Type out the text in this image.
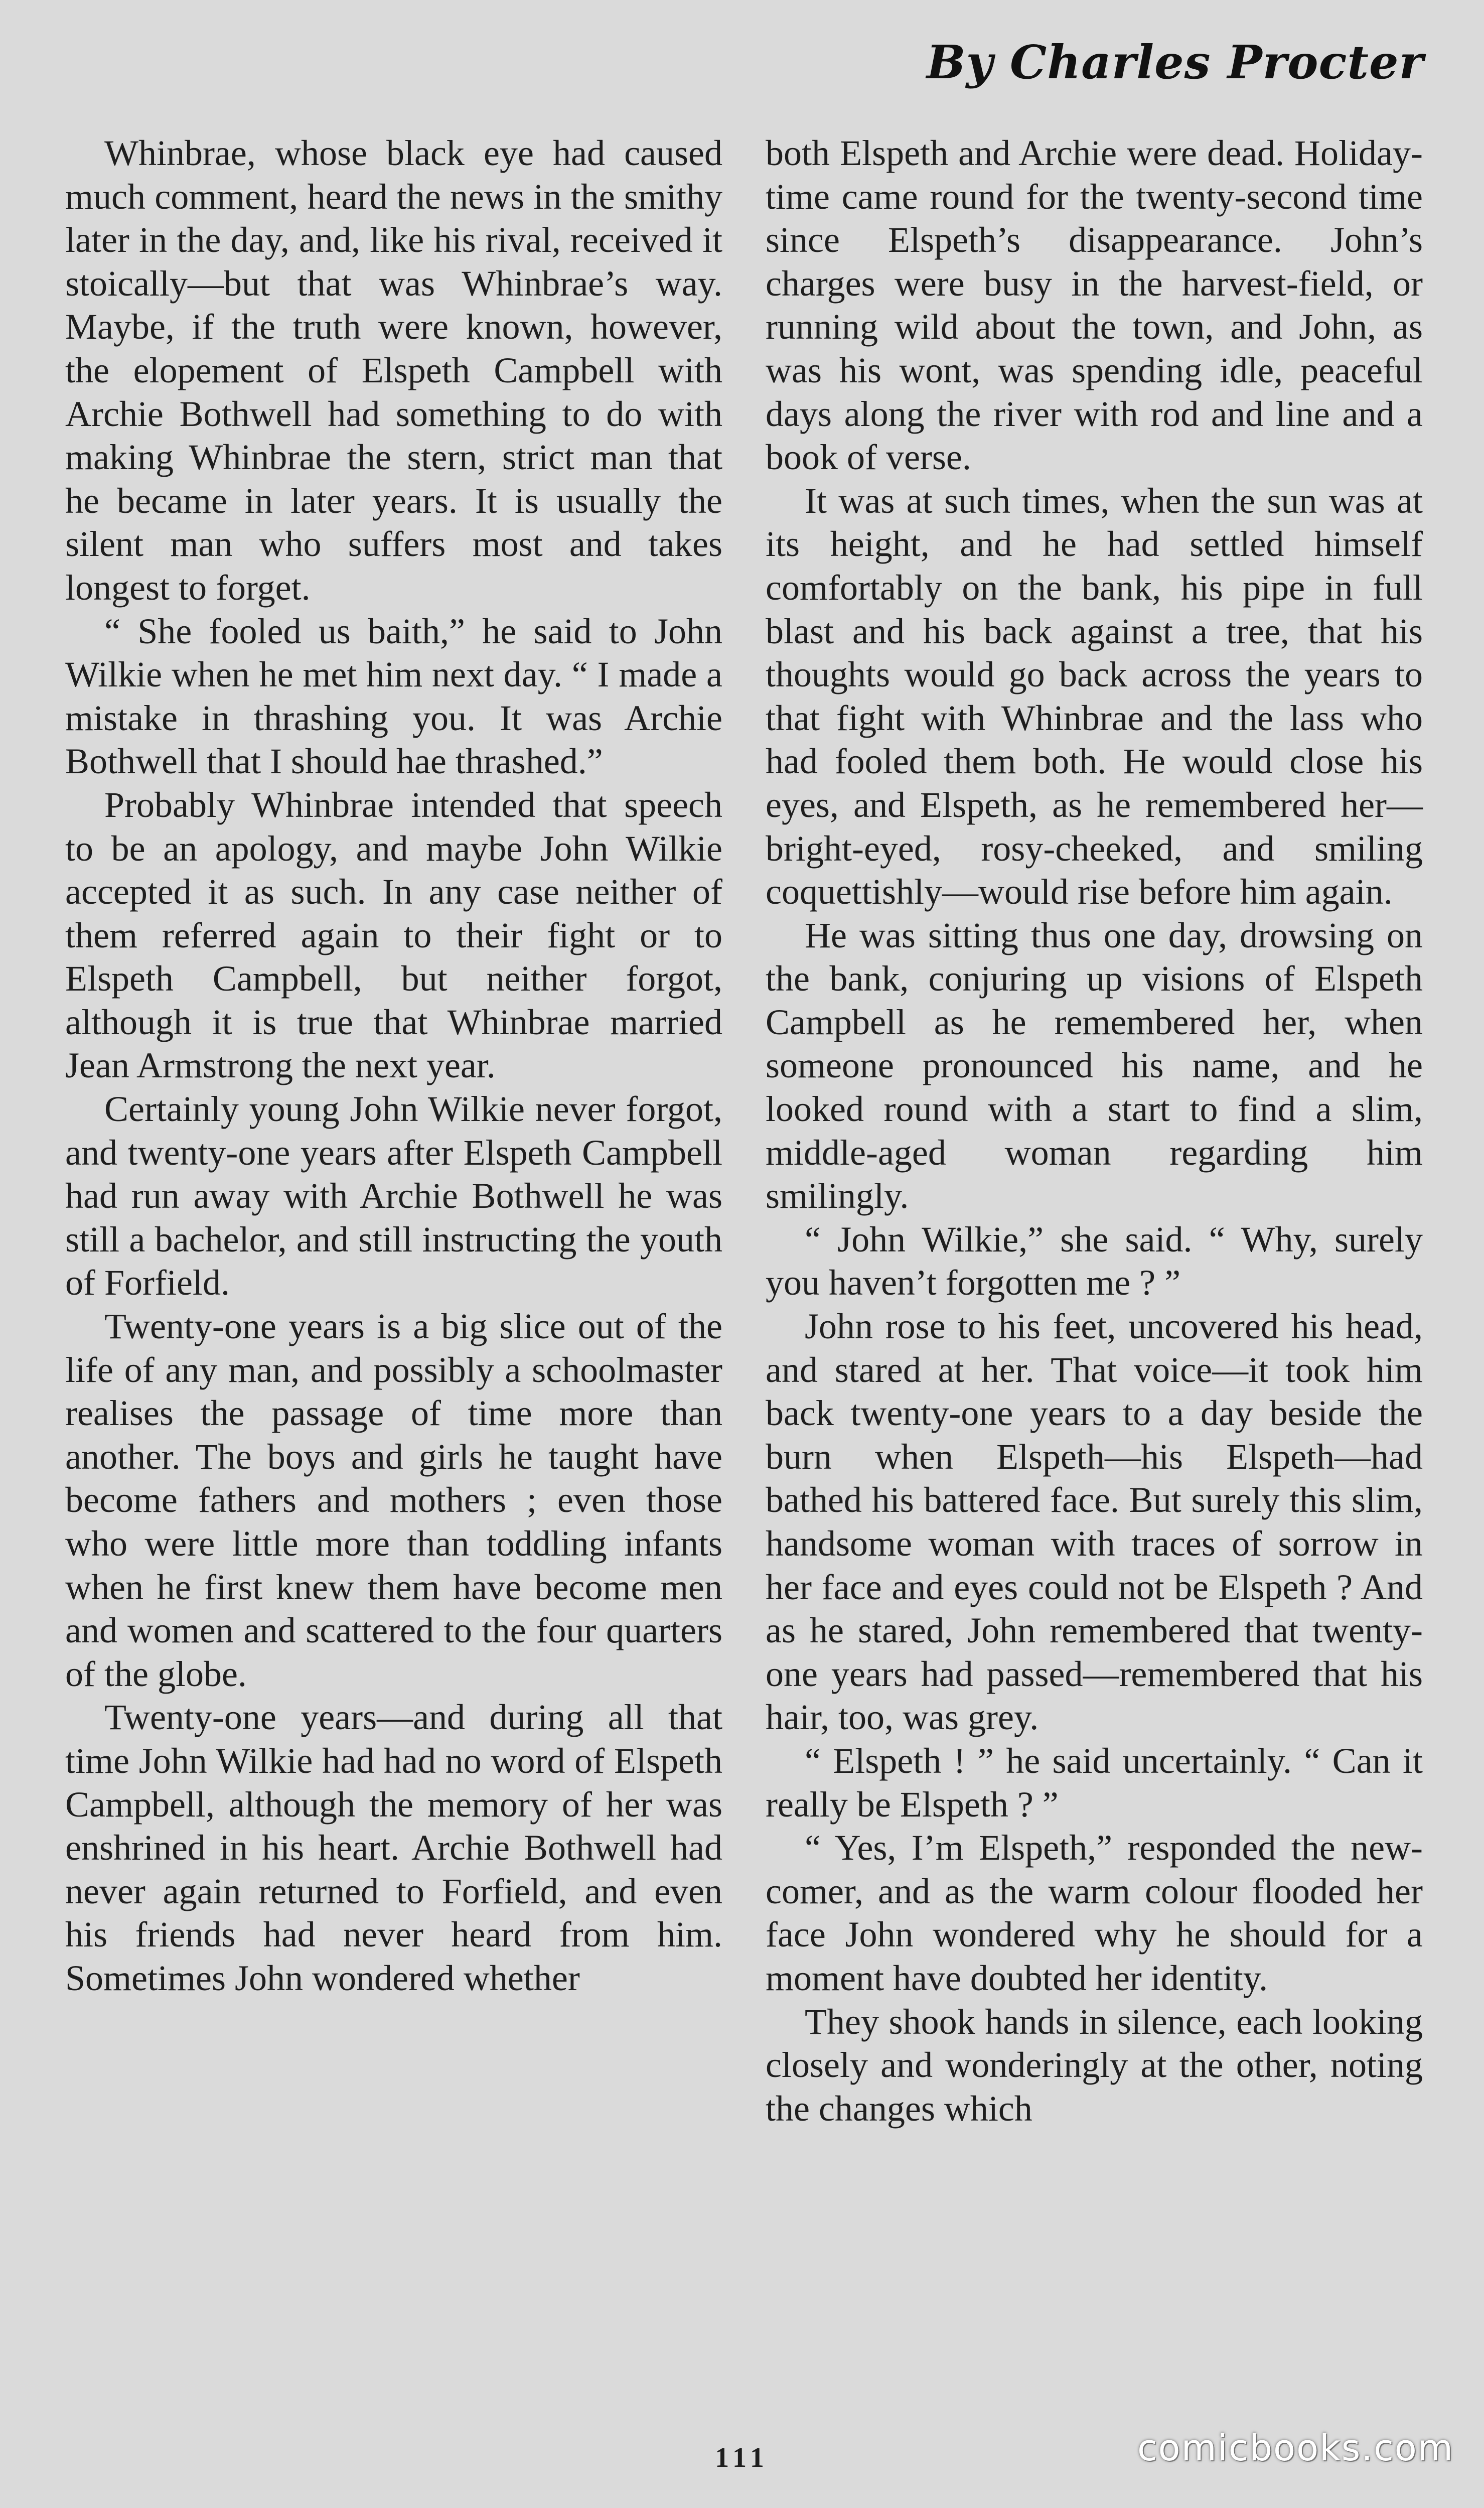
By Charles Procter

Whinbrae, whose black eye had caused much comment, heard the news in the smithy later in the day, and, like his rival, received it stoically—but that was Whinbrae’s way. Maybe, if the truth were known, however, the elopement of Elspeth Campbell with Archie Bothwell had something to do with making Whinbrae the stern, strict man that he became in later years. It is usually the silent man who suffers most and takes longest to forget.

“ She fooled us baith,” he said to John Wilkie when he met him next day. “ I made a mistake in thrashing you. It was Archie Bothwell that I should hae thrashed.”

Probably Whinbrae intended that speech to be an apology, and maybe John Wilkie accepted it as such. In any case neither of them referred again to their fight or to Elspeth Campbell, but neither forgot, although it is true that Whinbrae married Jean Armstrong the next year.

Certainly young John Wilkie never forgot, and twenty-one years after Elspeth Campbell had run away with Archie Bothwell he was still a bachelor, and still instructing the youth of Forfield.

Twenty-one years is a big slice out of the life of any man, and possibly a schoolmaster realises the passage of time more than another. The boys and girls he taught have become fathers and mothers ; even those who were little more than toddling infants when he first knew them have become men and women and scattered to the four quarters of the globe.

Twenty-one years—and during all that time John Wilkie had had no word of Elspeth Campbell, although the memory of her was enshrined in his heart. Archie Bothwell had never again returned to Forfield, and even his friends had never heard from him. Sometimes John wondered whether

both Elspeth and Archie were dead. Holiday-time came round for the twenty-second time since Elspeth’s disappearance. John’s charges were busy in the harvest-field, or running wild about the town, and John, as was his wont, was spending idle, peaceful days along the river with rod and line and a book of verse.

It was at such times, when the sun was at its height, and he had settled himself comfortably on the bank, his pipe in full blast and his back against a tree, that his thoughts would go back across the years to that fight with Whinbrae and the lass who had fooled them both. He would close his eyes, and Elspeth, as he remembered her—bright-eyed, rosy-cheeked, and smiling coquettishly—would rise before him again.

He was sitting thus one day, drowsing on the bank, conjuring up visions of Elspeth Campbell as he remembered her, when someone pronounced his name, and he looked round with a start to find a slim, middle-aged woman regarding him smilingly.

“ John Wilkie,” she said. “ Why, surely you haven’t forgotten me ? ”

John rose to his feet, uncovered his head, and stared at her. That voice—it took him back twenty-one years to a day beside the burn when Elspeth—his Elspeth—had bathed his battered face. But surely this slim, handsome woman with traces of sorrow in her face and eyes could not be Elspeth ? And as he stared, John remembered that twenty-one years had passed—remembered that his hair, too, was grey.

“ Elspeth ! ” he said uncertainly. “ Can it really be Elspeth ? ”

“ Yes, I’m Elspeth,” responded the new-comer, and as the warm colour flooded her face John wondered why he should for a moment have doubted her identity.

They shook hands in silence, each looking closely and wonderingly at the other, noting the changes which

111	comicbooks.com
